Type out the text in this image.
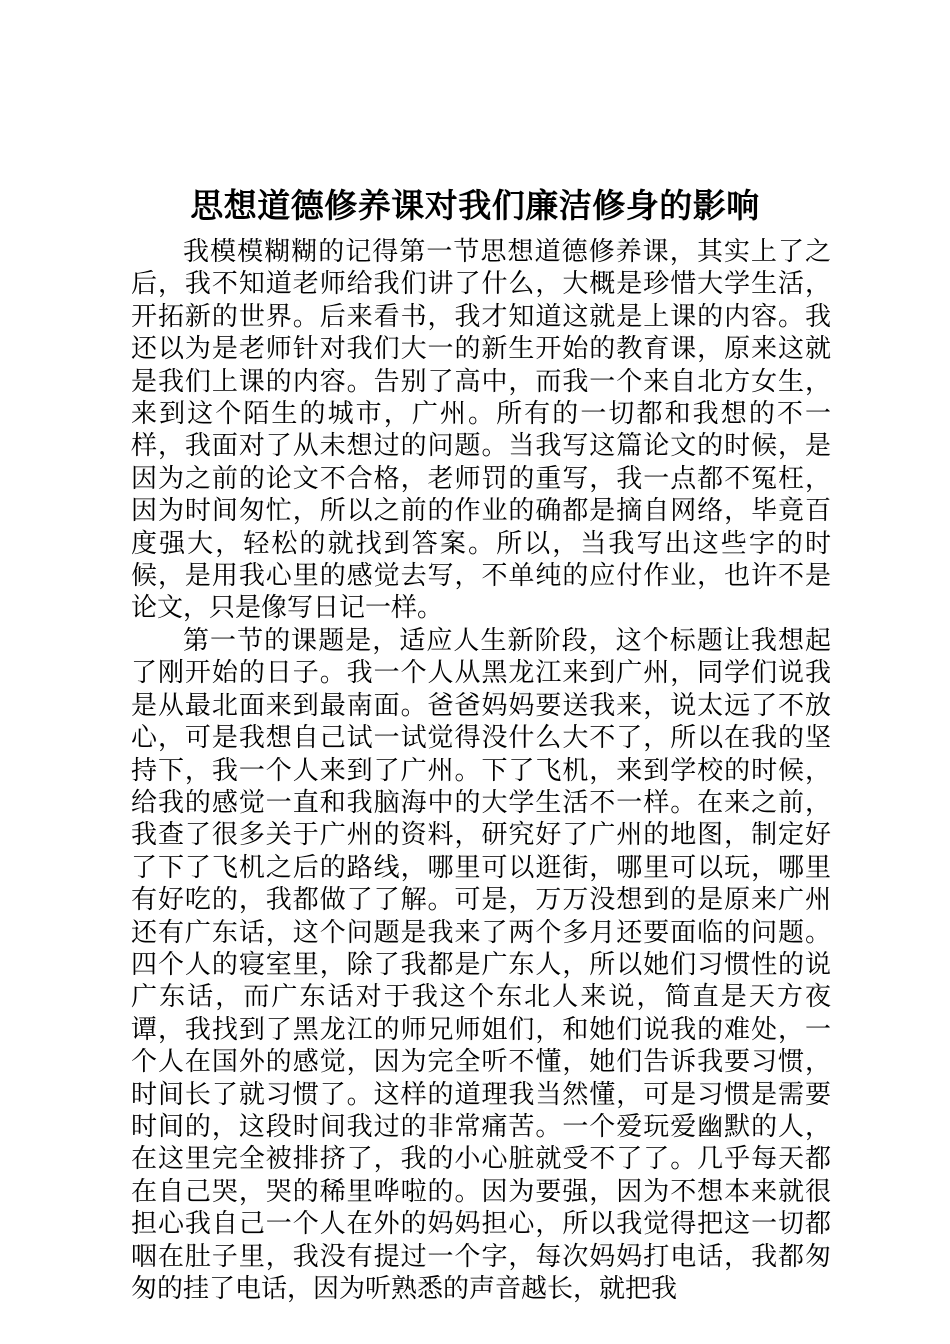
思想道德修养课对我们廉洁修身的影响

我模模糊糊的记得第一节思想道德修养课，其实上了之后，我不知道老师给我们讲了什么，大概是珍惜大学生活，开拓新的世界。后来看书，我才知道这就是上课的内容。我还以为是老师针对我们大一的新生开始的教育课，原来这就是我们上课的内容。告别了高中，而我一个来自北方女生，来到这个陌生的城市，广州。所有的一切都和我想的不一样，我面对了从未想过的问题。当我写这篇论文的时候，是因为之前的论文不合格，老师罚的重写，我一点都不冤枉，因为时间匆忙，所以之前的作业的确都是摘自网络，毕竟百度强大，轻松的就找到答案。所以，当我写出这些字的时候，是用我心里的感觉去写，不单纯的应付作业，也许不是论文，只是像写日记一样。

第一节的课题是，适应人生新阶段，这个标题让我想起了刚开始的日子。我一个人从黑龙江来到广州，同学们说我是从最北面来到最南面。爸爸妈妈要送我来，说太远了不放心，可是我想自己试一试觉得没什么大不了，所以在我的坚持下，我一个人来到了广州。下了飞机，来到学校的时候，给我的感觉一直和我脑海中的大学生活不一样。在来之前，我查了很多关于广州的资料，研究好了广州的地图，制定好了下了飞机之后的路线，哪里可以逛街，哪里可以玩，哪里有好吃的，我都做了了解。可是，万万没想到的是原来广州还有广东话，这个问题是我来了两个多月还要面临的问题。四个人的寝室里，除了我都是广东人，所以她们习惯性的说广东话，而广东话对于我这个东北人来说，简直是天方夜谭，我找到了黑龙江的师兄师姐们，和她们说我的难处，一个人在国外的感觉，因为完全听不懂，她们告诉我要习惯，时间长了就习惯了。这样的道理我当然懂，可是习惯是需要时间的，这段时间我过的非常痛苦。一个爱玩爱幽默的人，在这里完全被排挤了，我的小心脏就受不了了。几乎每天都在自己哭，哭的稀里哗啦的。因为要强，因为不想本来就很担心我自己一个人在外的妈妈担心，所以我觉得把这一切都咽在肚子里，我没有提过一个字，每次妈妈打电话，我都匆匆的挂了电话，因为听熟悉的声音越长，就把我
